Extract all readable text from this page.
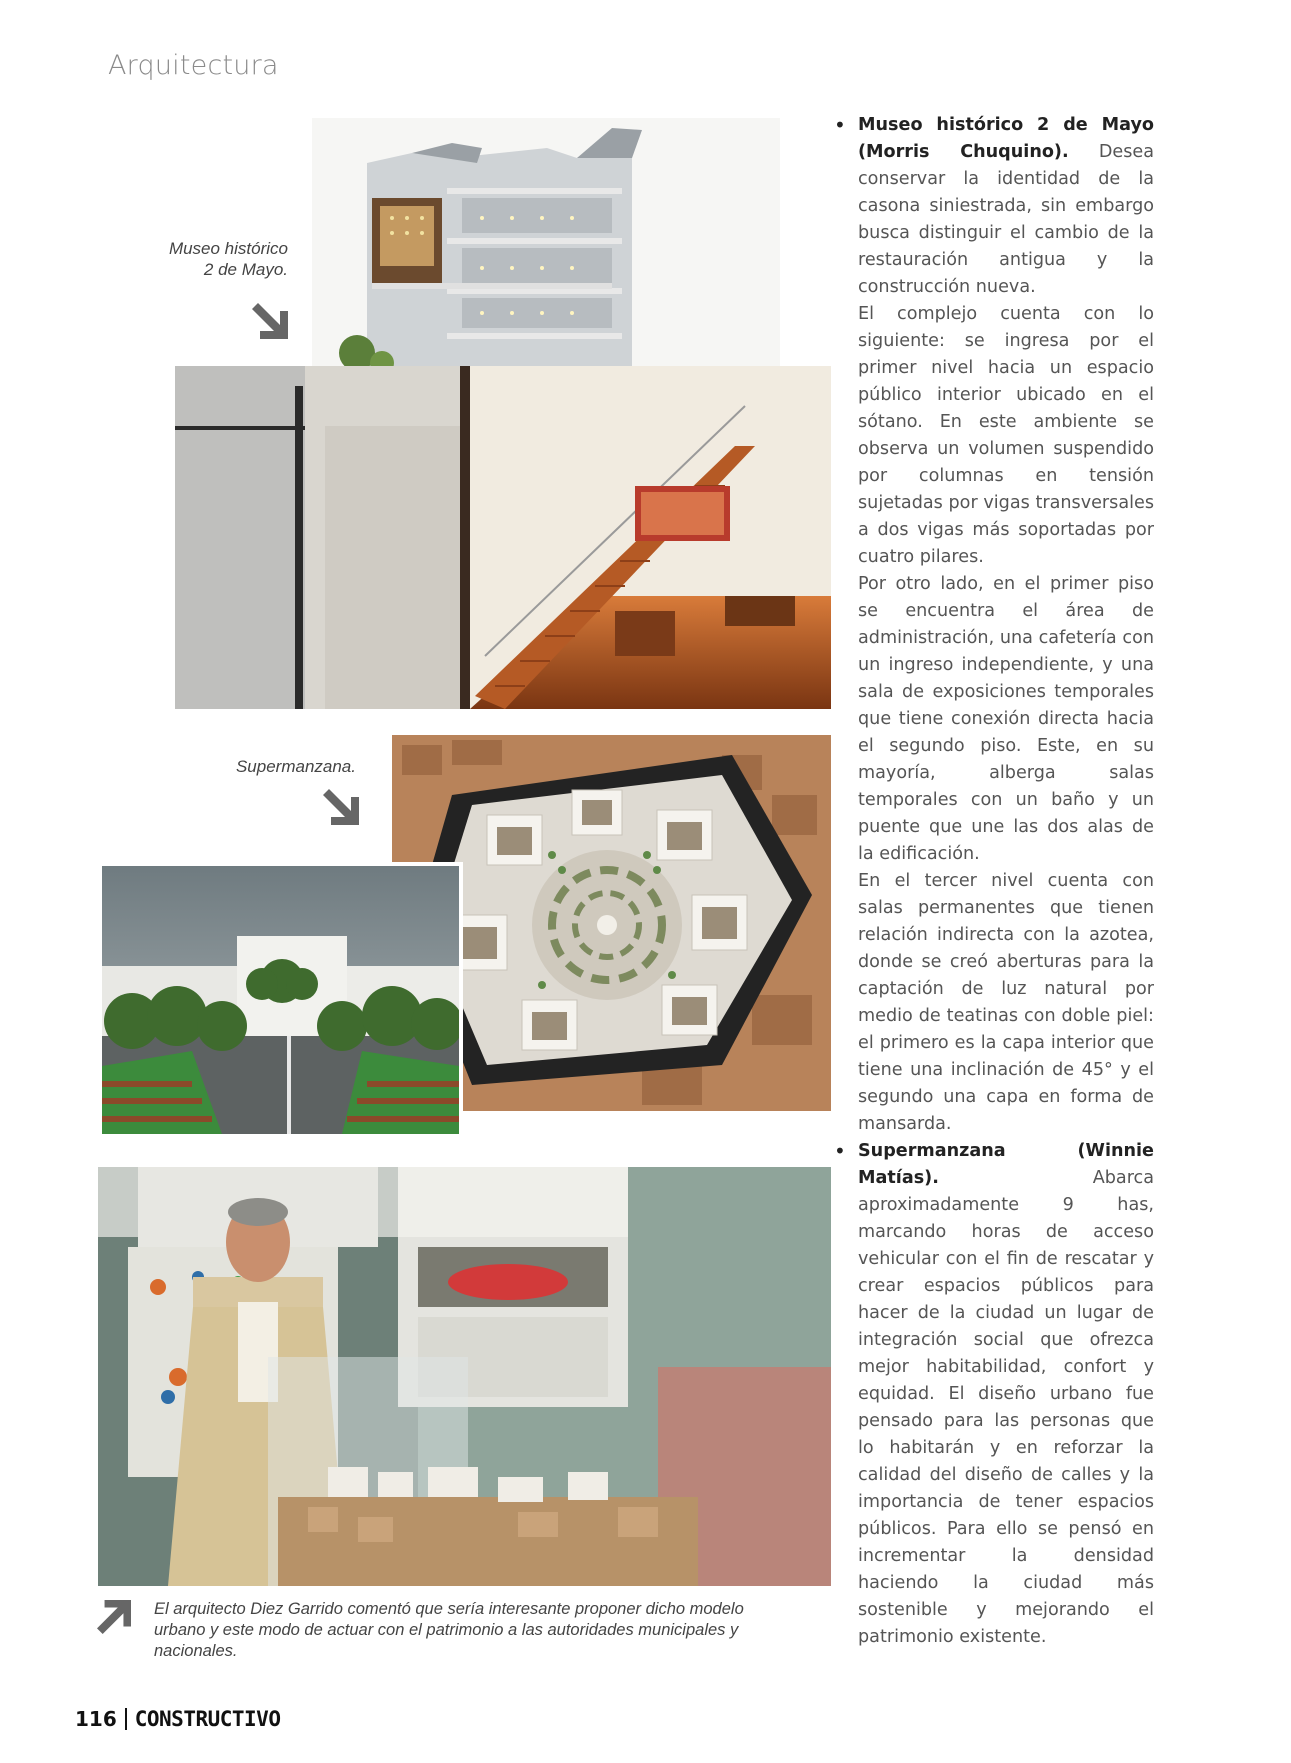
Arquitectura
Museo histórico
2 de Mayo.
Supermanzana.
El arquitecto Diez Garrido comentó que sería interesante proponer dicho modelo urbano y este modo de actuar con el patrimonio a las autoridades municipales y nacionales.

• Museo histórico 2 de Mayo (Morris Chuquino). Desea conservar la identidad de la casona siniestrada, sin embargo busca distinguir el cambio de la restauración antigua y la construcción nueva.

El complejo cuenta con lo siguiente: se ingresa por el primer nivel hacia un espacio público interior ubicado en el sótano. En este ambiente se observa un volumen suspendido por columnas en tensión sujetadas por vigas transversales a dos vigas más soportadas por cuatro pilares.

Por otro lado, en el primer piso se encuentra el área de administración, una cafetería con un ingreso independiente, y una sala de exposiciones temporales que tiene conexión directa hacia el segundo piso. Este, en su mayoría, alberga salas temporales con un baño y un puente que une las dos alas de la edificación.

En el tercer nivel cuenta con salas permanentes que tienen relación indirecta con la azotea, donde se creó aberturas para la captación de luz natural por medio de teatinas con doble piel: el primero es la capa interior que tiene una inclinación de 45° y el segundo una capa en forma de mansarda.

• Supermanzana (Winnie Matías).	Abarca aproximadamente 9 has, marcando horas de acceso vehicular con el fin de rescatar y crear espacios públicos para hacer de la ciudad un lugar de integración social que ofrezca mejor habitabilidad, confort y equidad. El diseño urbano fue pensado para las personas que lo habitarán y en reforzar la calidad del diseño de calles y la importancia de tener espacios públicos. Para ello se pensó en incrementar la densidad haciendo la ciudad más sostenible y mejorando el patrimonio existente.

116 CONSTRUCTIVO
